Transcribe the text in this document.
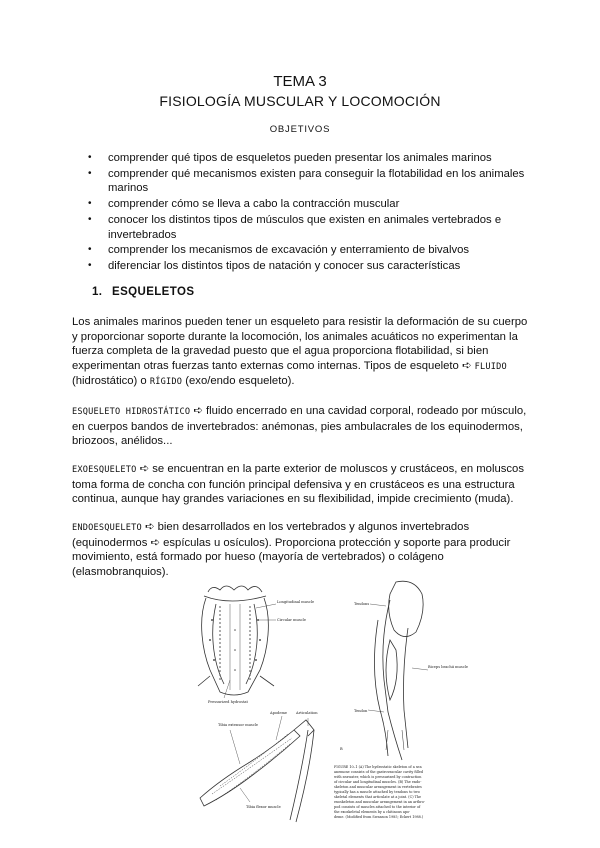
TEMA 3
FISIOLOGÍA MUSCULAR Y LOCOMOCIÓN
OBJETIVOS
• comprender qué tipos de esqueletos pueden presentar los animales marinos
• comprender qué mecanismos existen para conseguir la flotabilidad en los animales marinos
• comprender cómo se lleva a cabo la contracción muscular
• conocer los distintos tipos de músculos que existen en animales vertebrados e invertebrados
• comprender los mecanismos de excavación y enterramiento de bivalvos
• diferenciar los distintos tipos de natación y conocer sus características
1. ESQUELETOS

Los animales marinos pueden tener un esqueleto para resistir la deformación de su cuerpo y proporcionar soporte durante la locomoción, los animales acuáticos no experimentan la fuerza completa de la gravedad puesto que el agua proporciona flotabilidad, si bien experimentan otras fuerzas tanto externas como internas. Tipos de esqueleto ➪ FLUIDO (hidrostático) o RÍGIDO (exo/endo esqueleto).

ESQUELETO HIDROSTÁTICO ➪ fluido encerrado en una cavidad corporal, rodeado por músculo, en cuerpos bandos de invertebrados: anémonas, pies ambulacrales de los equinodermos, briozoos, anélidos...

EXOESQUELETO ➪ se encuentran en la parte exterior de moluscos y crustáceos, en moluscos toma forma de concha con función principal defensiva y en crustáceos es una estructura continua, aunque hay grandes variaciones en su flexibilidad, impide crecimiento (muda).

ENDOESQUELETO ➪ bien desarrollados en los vertebrados y algunos invertebrados (equinodermos ➪ espículas u osículos). Proporciona protección y soporte para producir movimiento, está formado por hueso (mayoría de vertebrados) o colágeno (elasmobranquios).

Longitudinal muscle
Circular muscle
Pressurized hydrostat
Tendons
Biceps brachii muscle
Tendon
B
Apodeme Articulation
Tibia extensor muscle
Tibia flexor muscle
FIGURE 10–1 (A) The hydrostatic skeleton of a sea
anemone consists of the gastrovascular cavity filled
with seawater, which is pressurized by contraction
of circular and longitudinal muscles. (B) The endo-
skeleton and muscular arrangement in vertebrates
typically has a muscle attached by tendons to two
skeletal elements that articulate at a joint. (C) The
exoskeleton and muscular arrangement in an arthro-
pod consists of muscles attached to the interior of
the exoskeletal elements by a chitinous apo-
deme. (Modified from Swanson 1985; Eckert 1988.)
